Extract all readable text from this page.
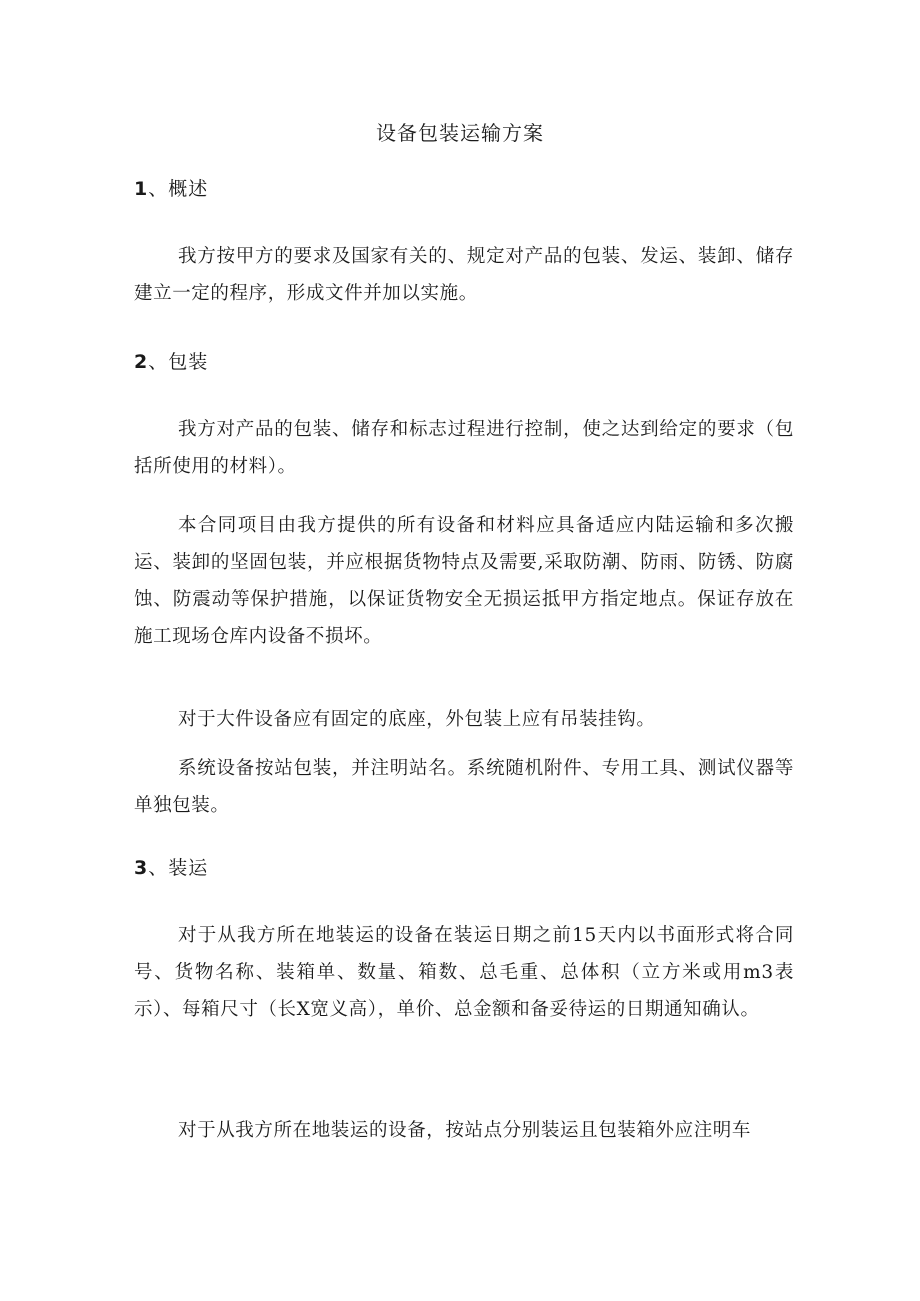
设备包装运输方案
1、概述

我方按甲方的要求及国家有关的、规定对产品的包装、发运、装卸、储存建立一定的程序，形成文件并加以实施。

2、包装

我方对产品的包装、储存和标志过程进行控制，使之达到给定的要求（包括所使用的材料）。

本合同项目由我方提供的所有设备和材料应具备适应内陆运输和多次搬运、装卸的坚固包装，并应根据货物特点及需要,采取防潮、防雨、防锈、防腐蚀、防震动等保护措施，以保证货物安全无损运抵甲方指定地点。保证存放在施工现场仓库内设备不损坏。

对于大件设备应有固定的底座，外包装上应有吊装挂钩。

系统设备按站包装，并注明站名。系统随机附件、专用工具、测试仪器等单独包装。

3、装运

对于从我方所在地装运的设备在装运日期之前15天内以书面形式将合同号、货物名称、装箱单、数量、箱数、总毛重、总体积（立方米或用m3表示）、每箱尺寸（长X宽义高），单价、总金额和备妥待运的日期通知确认。

对于从我方所在地装运的设备，按站点分别装运且包装箱外应注明车
